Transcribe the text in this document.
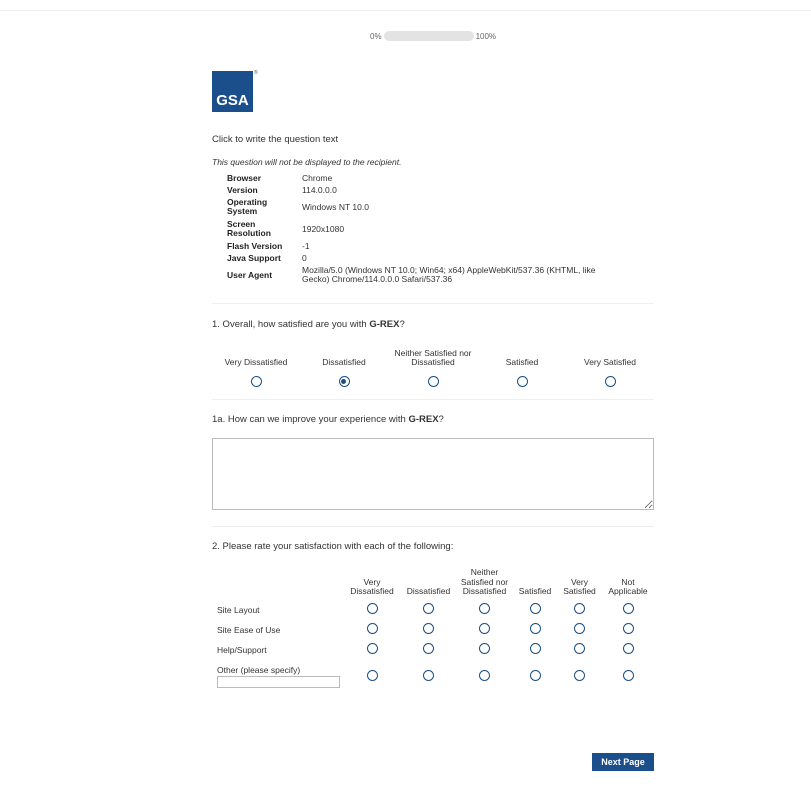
0%	100%
GSA
®
Click to write the question text
This question will not be displayed to the recipient.
Browser	Chrome
Version	114.0.0.0
Operating System	Windows NT 10.0
Screen Resolution	1920x1080
Flash Version	-1
Java Support	0
User Agent	Mozilla/5.0 (Windows NT 10.0; Win64; x64) AppleWebKit/537.36 (KHTML, like Gecko) Chrome/114.0.0.0 Safari/537.36
1. Overall, how satisfied are you with G-REX?
Very Dissatisfied	Dissatisfied
Neither Satisfied nor Dissatisfied	Satisfied	Very Satisfied
1a. How can we improve your experience with G-REX?
2. Please rate your satisfaction with each of the following:
	Very Dissatisfied	Dissatisfied	Neither Satisfied nor Dissatisfied	Satisfied	Very Satisfied	Not Applicable
Site Layout						
Site Ease of Use						
Help/Support						
Other (please specify)

Next Page
